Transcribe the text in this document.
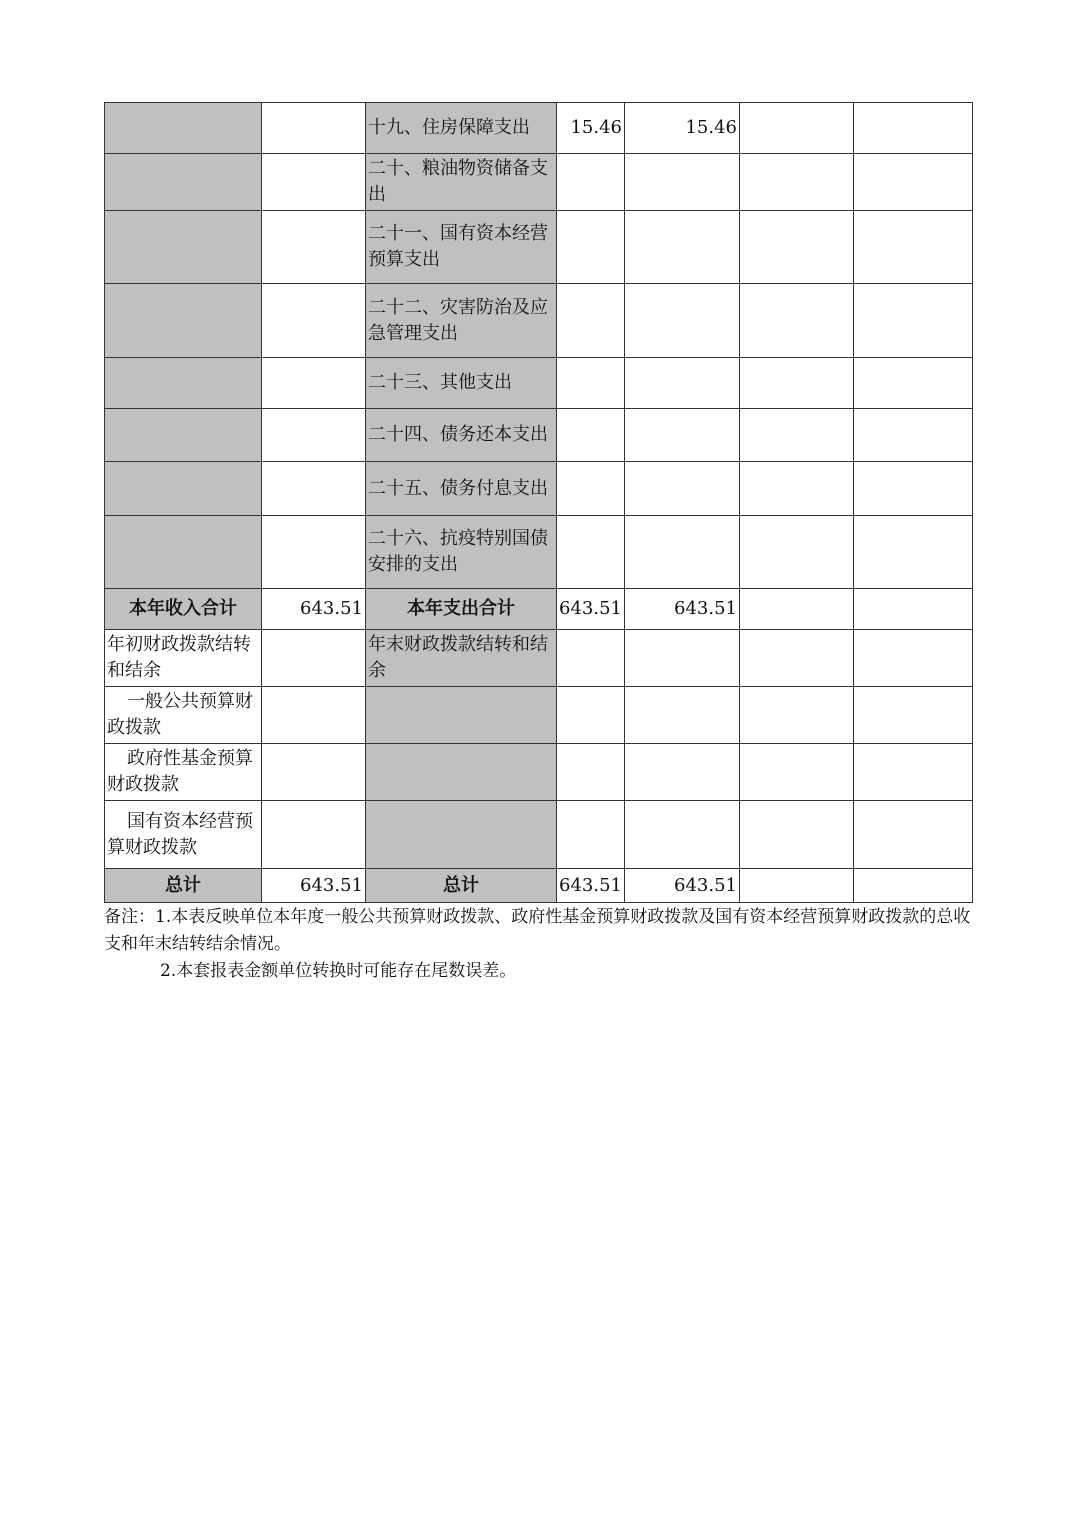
		十九、住房保障支出	15.46	15.46		
		二十、粮油物资储备支出				
		二十一、国有资本经营预算支出				
		二十二、灾害防治及应急管理支出				
		二十三、其他支出				
		二十四、债务还本支出				
		二十五、债务付息支出				
		二十六、抗疫特别国债安排的支出				
本年收入合计	643.51	本年支出合计	643.51	643.51		
年初财政拨款结转和结余		年末财政拨款结转和结余				
一般公共预算财政拨款						
政府性基金预算财政拨款						
国有资本经营预算财政拨款						
总计	643.51	总计	643.51	643.51		

备注：1.本表反映单位本年度一般公共预算财政拨款、政府性基金预算财政拨款及国有资本经营预算财政拨款的总收支和年末结转结余情况。

2.本套报表金额单位转换时可能存在尾数误差。
